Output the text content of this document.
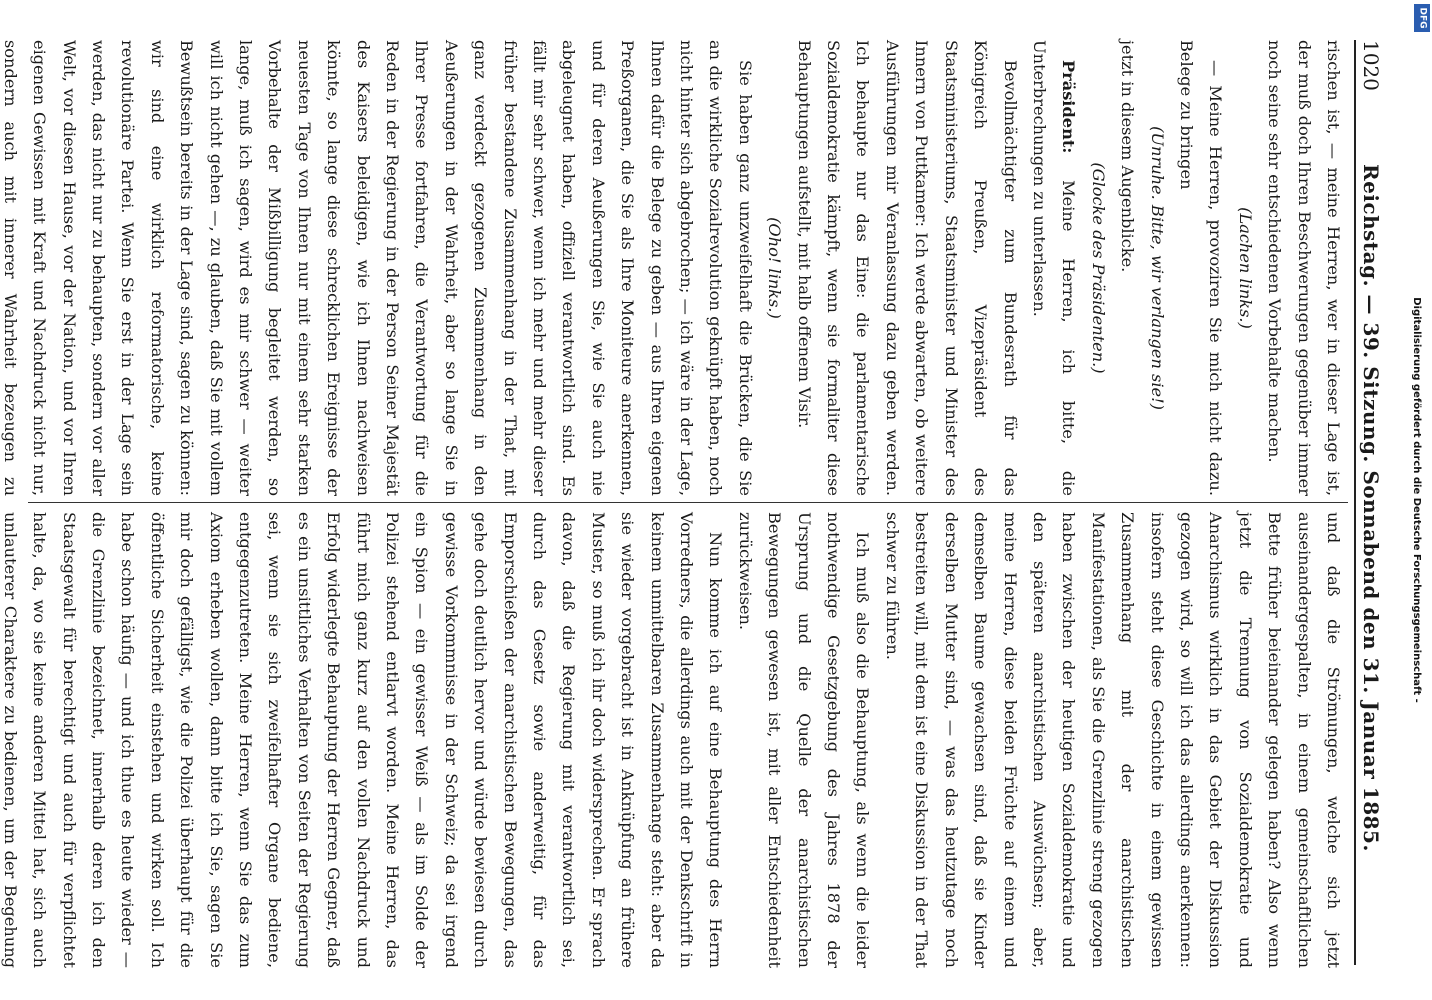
1020
Reichstag. — 39. Sitzung. Sonnabend den 31. Januar 1885.

rischen ist, — meine Herren, wer in dieser Lage ist, der muß doch Ihren Beschwerungen gegenüber immer noch seine sehr entschiedenen Vorbehalte machen.

(Lachen links.)

— Meine Herren, provoziren Sie mich nicht dazu. Belege zu bringen

(Unruhe. Bitte, wir verlangen sie!)

jetzt in diesem Augenblicke.

(Glocke des Präsidenten.)

Präsident: Meine Herren, ich bitte, die Unterbrechungen zu unterlassen.

Bevollmächtigter zum Bundesrath für das Königreich Preußen, Vizepräsident des Staatsministeriums, Staatsminister und Minister des Innern von Puttkamer: Ich werde abwarten, ob weitere Ausführungen mir Veranlassung dazu geben werden. Ich behaupte nur das Eine: die parlamentarische Sozialdemokratie kämpft, wenn sie formaliter diese Behauptungen aufstellt, mit halb offenem Visir.

(Oho! links.)

Sie haben ganz unzweifelhaft die Brücken, die Sie an die wirkliche Sozialrevolution geknüpft haben, noch nicht hinter sich abgebrochen; — ich wäre in der Lage, Ihnen dafür die Belege zu geben — aus Ihren eigenen Preßorganen, die Sie als Ihre Moniteure anerkennen, und für deren Aeußerungen Sie, wie Sie auch nie abgeleugnet haben, offiziell verantwortlich sind. Es fällt mir sehr schwer, wenn ich mehr und mehr dieser früher bestandene Zusammenhang in der That, mit ganz verdeckt gezogenen Zusammenhang in den Aeußerungen in der Wahrheit, aber so lange Sie in Ihrer Presse fortfahren, die Verantwortung für die Reden in der Regierung in der Person Seiner Majestät des Kaisers beleidigen, wie ich Ihnen nachweisen könnte, so lange diese schrecklichen Ereignisse der neuesten Tage von Ihnen nur mit einem sehr starken Vorbehalte der Mißbilligung begleitet werden, so lange, muß ich sagen, wird es mir schwer — weiter will ich nicht gehen —, zu glauben, daß Sie mit vollem Bewußtsein bereits in der Lage sind, sagen zu können: wir sind eine wirklich reformatorische, keine revolutionäre Partei. Wenn Sie erst in der Lage sein werden, das nicht nur zu behaupten, sondern vor aller Welt, vor diesen Hause, vor der Nation, und vor Ihren eigenen Gewissen mit Kraft und Nachdruck nicht nur, sondern auch mit innerer Wahrheit bezeugen zu

und daß die Strömungen, welche sich jetzt auseinandergespalten, in einem gemeinschaftlichen Bette früher beieinander gelegen haben? Also wenn jetzt die Trennung von Sozialdemokratie und Anarchismus wirklich in das Gebiet der Diskussion gezogen wird, so will ich das allerdings anerkennen: insofern steht diese Geschichte in einem gewissen Zusammenhang mit der anarchistischen Manifestationen, als Sie die Grenzlinie streng gezogen haben zwischen der heutigen Sozialdemokratie und den späteren anarchistischen Auswüchsen; aber, meine Herren, diese beiden Früchte auf einem und demselben Baume gewachsen sind, daß sie Kinder derselben Mutter sind, — was das heutzutage noch bestreiten will, mit dem ist eine Diskussion in der That schwer zu führen.

Ich muß also die Behauptung, als wenn die leider nothwendige Gesetzgebung des Jahres 1878 der Ursprung und die Quelle der anarchistischen Bewegungen gewesen ist, mit aller Entschiedenheit zurückweisen.

Nun komme ich auf eine Behauptung des Herrn Vorredners, die allerdings auch mit der Denkschrift in keinem unmittelbaren Zusammenhange steht: aber da sie wieder vorgebracht ist in Anknüpfung an frühere Muster, so muß ich ihr doch widersprechen. Er sprach davon, daß die Regierung mit verantwortlich sei, durch das Gesetz sowie anderweitig, für das Emporschießen der anarchistischen Bewegungen, das gehe doch deutlich hervor und würde bewiesen durch gewisse Vorkommnisse in der Schweiz; da sei irgend ein Spion — ein gewisser Weiß — als im Solde der Polizei stehend entlarvt worden. Meine Herren, das führt mich ganz kurz auf den vollen Nachdruck und Erfolg widerlegte Behauptung der Herren Gegner, daß es ein unsittliches Verhalten von Seiten der Regierung sei, wenn sie sich zweifelhafter Organe bediene, entgegenzutreten. Meine Herren, wenn Sie das zum Axiom erheben wollen, dann bitte ich Sie, sagen Sie mir doch gefälligst, wie die Polizei überhaupt für die öffentliche Sicherheit einstehen und wirken soll. Ich habe schon häufig — und ich thue es heute wieder — die Grenzlinie bezeichnet, innerhalb deren ich den Staatsgewalt für berechtigt und auch für verpflichtet halte, da, wo sie keine anderen Mittel hat, sich auch unlauterer Charaktere zu bedienen, um der Begehung

Digitalisierung gefördert durch die Deutsche Forschungsgemeinschaft -
DFG
